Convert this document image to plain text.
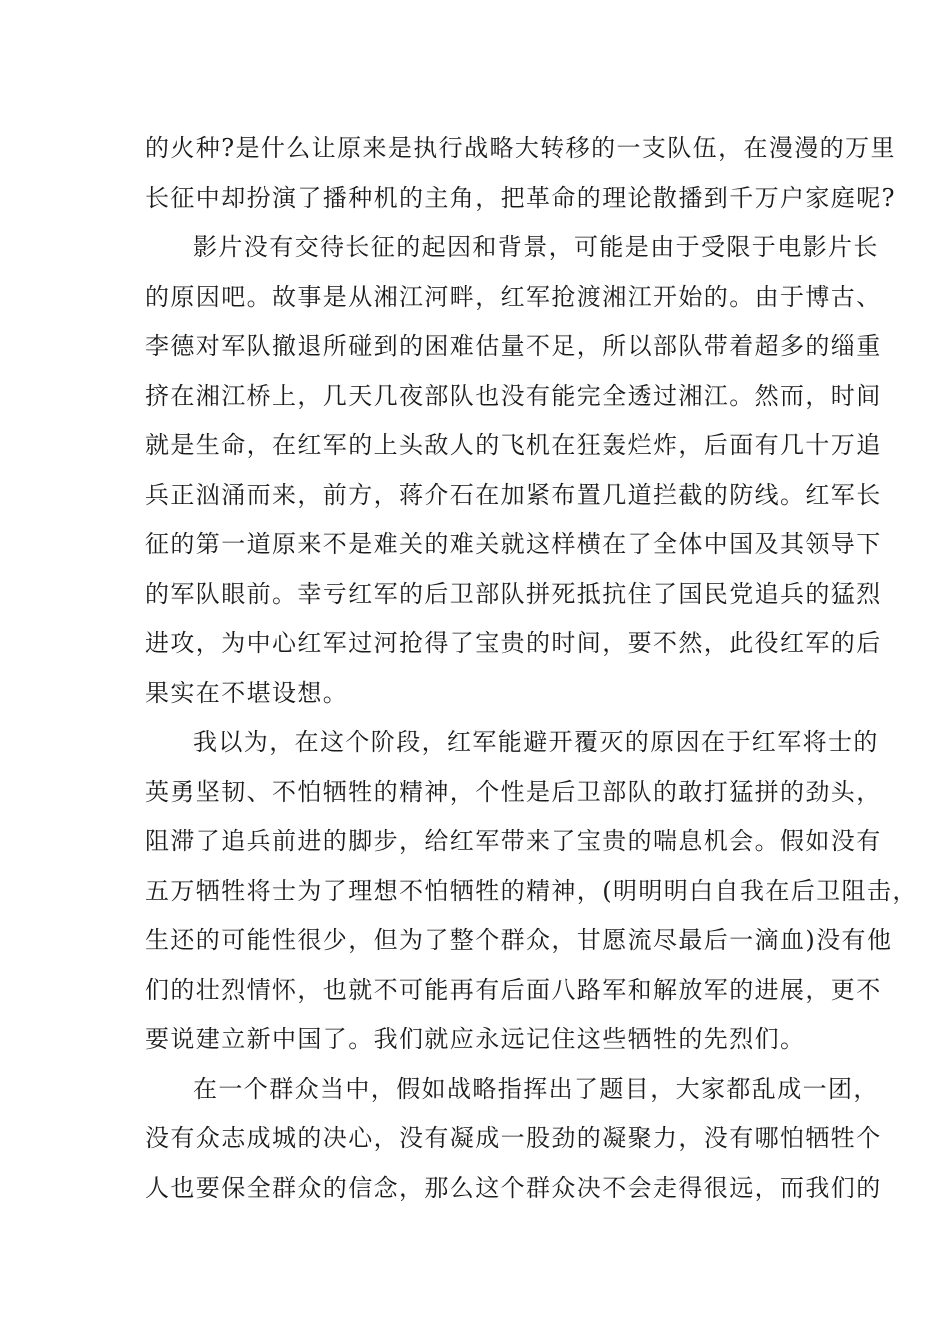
的火种?是什么让原来是执行战略大转移的一支队伍，在漫漫的万里
长征中却扮演了播种机的主角，把革命的理论散播到千万户家庭呢?
影片没有交待长征的起因和背景，可能是由于受限于电影片长
的原因吧。故事是从湘江河畔，红军抢渡湘江开始的。由于博古、
李德对军队撤退所碰到的困难估量不足，所以部队带着超多的缁重
挤在湘江桥上，几天几夜部队也没有能完全透过湘江。然而，时间
就是生命，在红军的上头敌人的飞机在狂轰烂炸，后面有几十万追
兵正汹涌而来，前方，蒋介石在加紧布置几道拦截的防线。红军长
征的第一道原来不是难关的难关就这样横在了全体中国及其领导下
的军队眼前。幸亏红军的后卫部队拼死抵抗住了国民党追兵的猛烈
进攻，为中心红军过河抢得了宝贵的时间，要不然，此役红军的后
果实在不堪设想。
我以为，在这个阶段，红军能避开覆灭的原因在于红军将士的
英勇坚韧、不怕牺牲的精神，个性是后卫部队的敢打猛拼的劲头，
阻滞了追兵前进的脚步，给红军带来了宝贵的喘息机会。假如没有
五万牺牲将士为了理想不怕牺牲的精神，(明明明白自我在后卫阻击，
生还的可能性很少，但为了整个群众，甘愿流尽最后一滴血)没有他
们的壮烈情怀，也就不可能再有后面八路军和解放军的进展，更不
要说建立新中国了。我们就应永远记住这些牺牲的先烈们。
在一个群众当中，假如战略指挥出了题目，大家都乱成一团，
没有众志成城的决心，没有凝成一股劲的凝聚力，没有哪怕牺牲个
人也要保全群众的信念，那么这个群众决不会走得很远，而我们的
